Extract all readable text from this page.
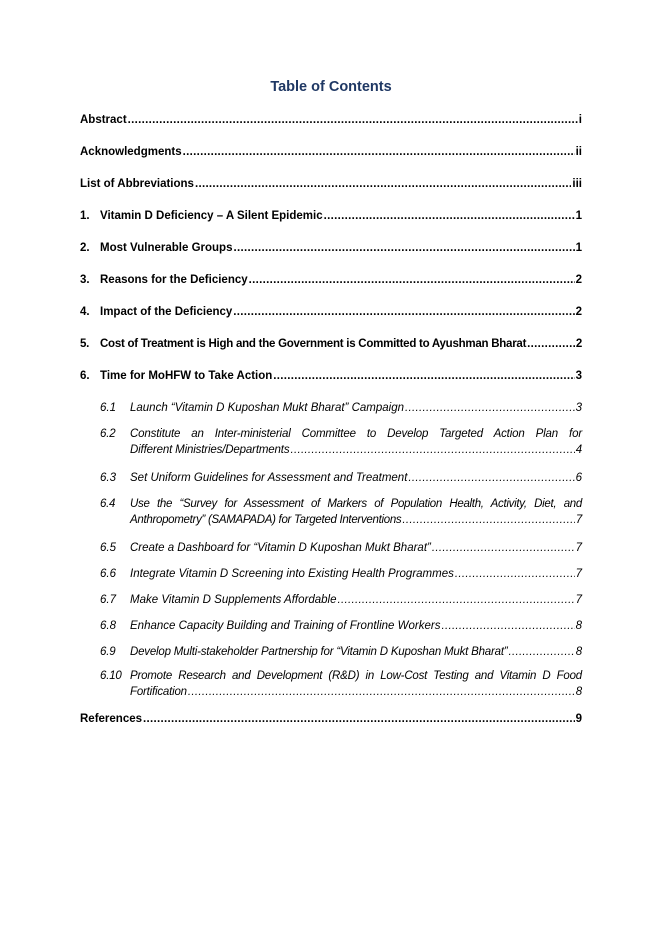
Table of Contents
Abstract .....	i
Acknowledgments .....	ii
List of Abbreviations .....	iii
1. Vitamin D Deficiency – A Silent Epidemic .....	1
2. Most Vulnerable Groups .....	1
3. Reasons for the Deficiency .....	2
4. Impact of the Deficiency .....	2
5. Cost of Treatment is High and the Government is Committed to Ayushman Bharat .....	2
6. Time for MoHFW to Take Action .....	3
6.1	Launch “Vitamin D Kuposhan Mukt Bharat” Campaign .....	3
6.2	Constitute an Inter-ministerial Committee to Develop Targeted Action Plan for
Different Ministries/Departments .....	4
6.3	Set Uniform Guidelines for Assessment and Treatment .....	6
6.4	Use the “Survey for Assessment of Markers of Population Health, Activity, Diet, and
Anthropometry” (SAMAPADA) for Targeted Interventions .....	7
6.5	Create a Dashboard for “Vitamin D Kuposhan Mukt Bharat” .....	7
6.6	Integrate Vitamin D Screening into Existing Health Programmes .....	7
6.7	Make Vitamin D Supplements Affordable .....	7
6.8	Enhance Capacity Building and Training of Frontline Workers .....	8
6.9	Develop Multi-stakeholder Partnership for “Vitamin D Kuposhan Mukt Bharat” .....	8
6.10 Promote Research and Development (R&D) in Low-Cost Testing and Vitamin D Food
Fortification .....	8
References .....	9
